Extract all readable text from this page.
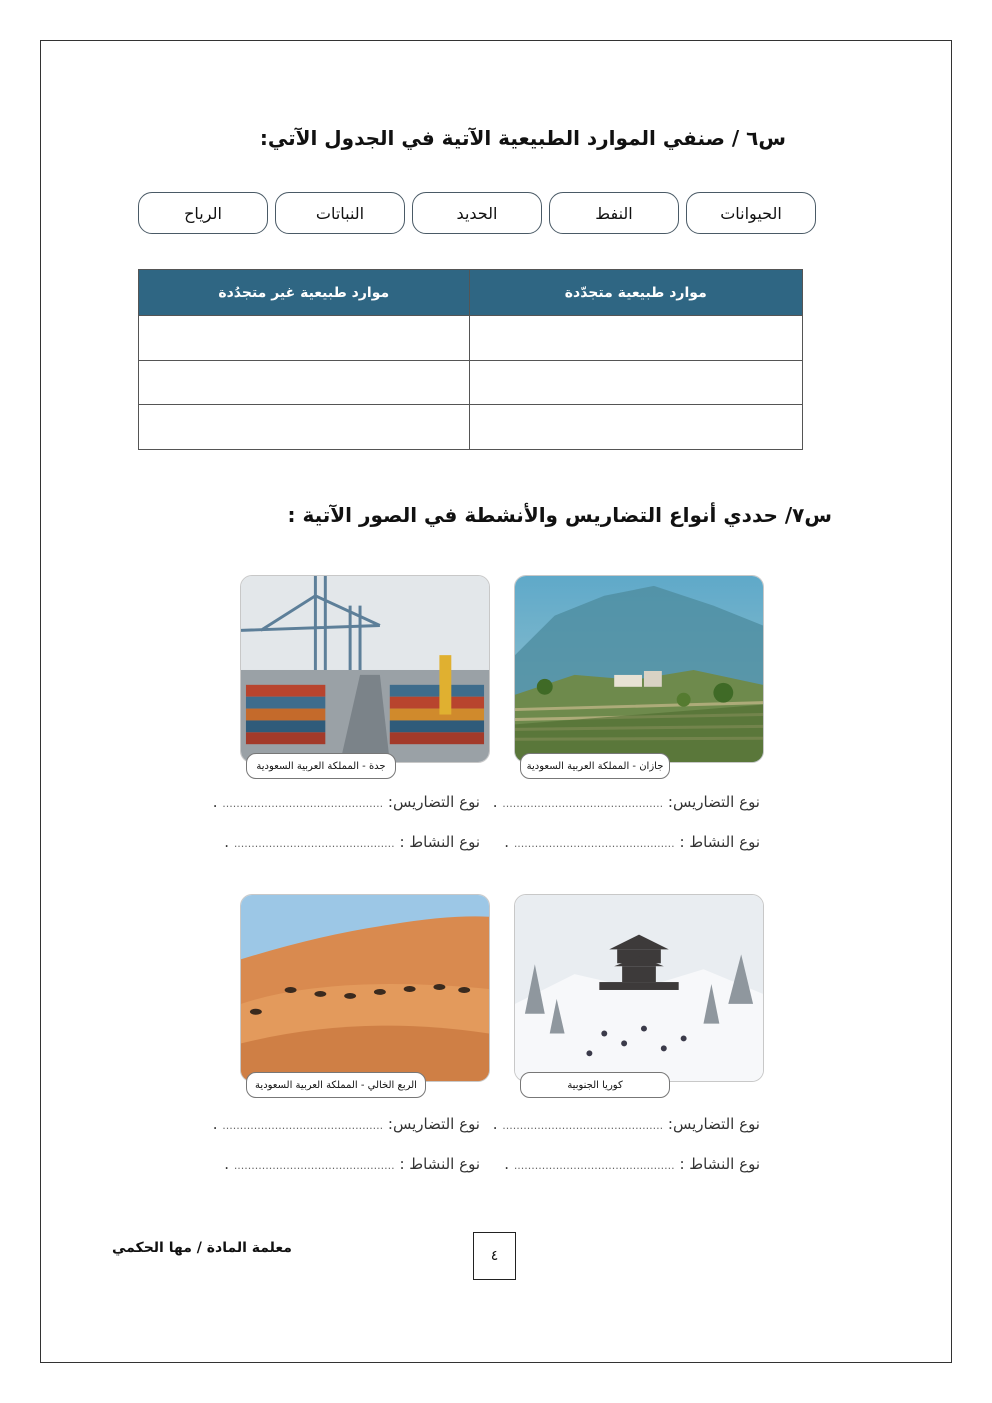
س٦ / صنفي الموارد الطبيعية الآتية في الجدول الآتي:
الحيوانات
النفط
الحديد
النباتات
الرياح
موارد طبيعية متجدّدة	موارد طبيعية غير متجدُدة

س٧/ حددي أنواع التضاريس والأنشطة في الصور الآتية :
جازان - المملكة العربية السعودية
جدة - المملكة العربية السعودية
نوع التضاريس: .............................................. .
نوع التضاريس: .............................................. .
نوع النشاط : .............................................. .
نوع النشاط : .............................................. .
كوريا الجنوبية
الربع الخالي - المملكة العربية السعودية
نوع التضاريس: .............................................. .
نوع التضاريس: .............................................. .
نوع النشاط : .............................................. .
نوع النشاط : .............................................. .
معلمة المادة / مها الحكمي	٤
